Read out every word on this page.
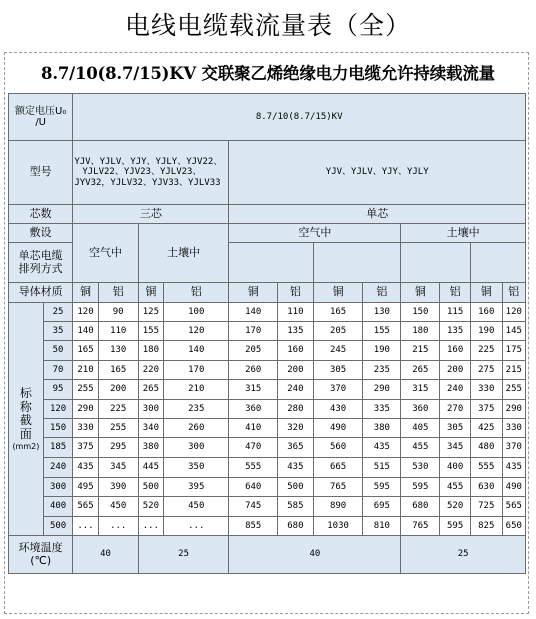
电线电缆载流量表（全）
8.7/10(8.7/15)KV 交联聚乙烯绝缘电力电缆允许持续载流量
额定电压U₀
/U		8.7/10(8.7/15)KV											
型号		YJV、YJLV、YJY、YJLY、YJV22、
YJLV22、YJV23、YJLV23、
JYV32，YJLV32、YJV33、YJLV33				YJV、YJLV、YJY、YJLY							
芯数		三芯				单芯							
敷设		空气中		土壤中		空气中				土壤中			

单芯电缆
排列方式													

导体材质		铜	铝	铜	铝	铜	铝	铜	铝	铜	铝	铜	铝

标
称
截
面
(mm2)	25	120	90	125	100	140	110	165	130	150	115	160	120
	35	140	110	155	120	170	135	205	155	180	135	190	145
	50	165	130	180	140	205	160	245	190	215	160	225	175
	70	210	165	220	170	260	200	305	235	265	200	275	215
	95	255	200	265	210	315	240	370	290	315	240	330	255
	120	290	225	300	235	360	280	430	335	360	270	375	290
	150	330	255	340	260	410	320	490	380	405	305	425	330
	185	375	295	380	300	470	365	560	435	455	345	480	370
	240	435	345	445	350	555	435	665	515	530	400	555	435
	300	495	390	500	395	640	500	765	595	595	455	630	490
	400	565	450	520	450	745	585	890	695	680	520	725	565
	500	...	...	...	...	855	680	1030	810	765	595	825	650

环境温度
(℃)		40		25		40				25			
